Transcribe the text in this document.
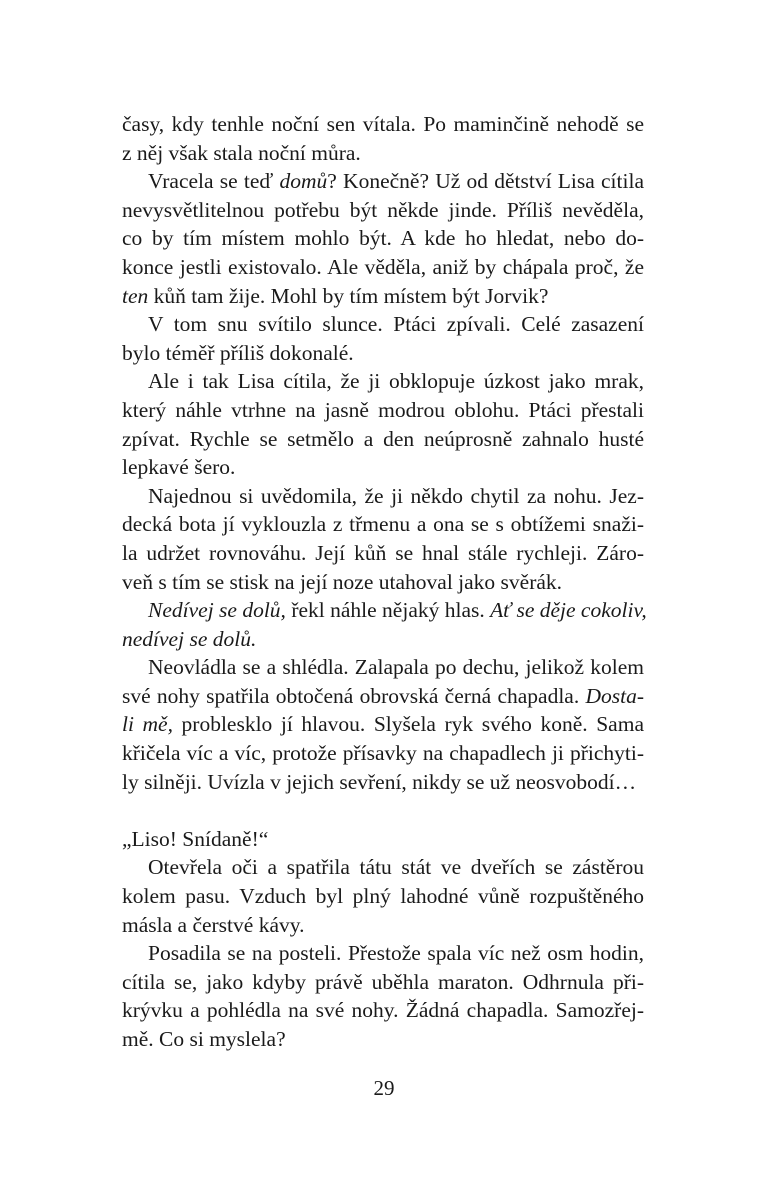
časy, kdy tenhle noční sen vítala. Po maminčině nehodě se
z něj však stala noční můra.
Vracela se teď domů? Konečně? Už od dětství Lisa cítila
nevysvětlitelnou potřebu být někde jinde. Příliš nevěděla,
co by tím místem mohlo být. A kde ho hledat, nebo do-
konce jestli existovalo. Ale věděla, aniž by chápala proč, že
ten kůň tam žije. Mohl by tím místem být Jorvik?
V tom snu svítilo slunce. Ptáci zpívali. Celé zasazení
bylo téměř příliš dokonalé.
Ale i tak Lisa cítila, že ji obklopuje úzkost jako mrak,
který náhle vtrhne na jasně modrou oblohu. Ptáci přestali
zpívat. Rychle se setmělo a den neúprosně zahnalo husté
lepkavé šero.
Najednou si uvědomila, že ji někdo chytil za nohu. Jez-
decká bota jí vyklouzla z třmenu a ona se s obtížemi snaži-
la udržet rovnováhu. Její kůň se hnal stále rychleji. Záro-
veň s tím se stisk na její noze utahoval jako svěrák.
Nedívej se dolů, řekl náhle nějaký hlas. Ať se děje cokoliv,
nedívej se dolů.
Neovládla se a shlédla. Zalapala po dechu, jelikož kolem
své nohy spatřila obtočená obrovská černá chapadla. Dosta-
li mě, problesklo jí hlavou. Slyšela ryk svého koně. Sama
křičela víc a víc, protože přísavky na chapadlech ji přichyti-
ly silněji. Uvízla v jejich sevření, nikdy se už neosvobodí…
„Liso! Snídaně!“
Otevřela oči a spatřila tátu stát ve dveřích se zástěrou
kolem pasu. Vzduch byl plný lahodné vůně rozpuštěného
másla a čerstvé kávy.
Posadila se na posteli. Přestože spala víc než osm hodin,
cítila se, jako kdyby právě uběhla maraton. Odhrnula při-
krývku a pohlédla na své nohy. Žádná chapadla. Samozřej-
mě. Co si myslela?
29
